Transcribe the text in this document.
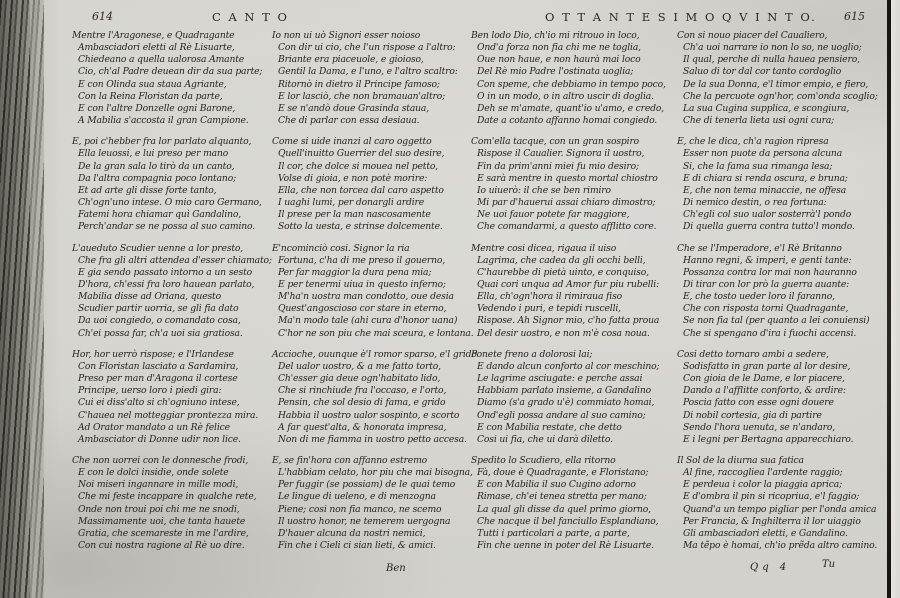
614	C A N T O
Mentre l'Aragonese, e Quadragante
Ambasciadori eletti al Rè Lisuarte,
Chiedeano a quella ualorosa Amante
Cio, ch'al Padre deuean dir da sua parte;
E con Olinda sua staua Agriante,
Con la Reina Floristan da parte,
E con l'altre Donzelle ogni Barone,
A Mabilia s'accosta il gran Campione.
E, poi c'hebber fra lor parlato alquanto,
Ella leuossi, e lui preso per mano
De la gran sala lo tirò da un canto,
Da l'altra compagnia poco lontano;
Et ad arte gli disse forte tanto,
Ch'ogn'uno intese. O mio caro Germano,
Fatemi hora chiamar quì Gandalino,
Perch'andar se ne possa al suo camino.
L'aueduto Scudier uenne a lor presto,
Che fra gli altri attendea d'esser chiamato;
E gia sendo passato intorno a un sesto
D'hora, ch'essi fra loro hauean parlato,
Mabilia disse ad Oriana, questo
Scudier partir uorria, se gli fia dato
Da uoi congiedo, o comandato cosa,
Ch'ei possa far, ch'a uoi sia gratiosa.
Hor, hor uerrò rispose; e l'Irlandese
Con Floristan lasciato a Sardamira,
Preso per man d'Aragona il cortese
Principe, uerso loro i piedi gira:
Cui ei diss'alto si ch'ogniuno intese,
C'hauea nel motteggiar prontezza mira.
Ad Orator mandato a un Rè felice
Ambasciator di Donne udir non lice.
Che non uorrei con le donnesche frodi,
E con le dolci insidie, onde solete
Noi miseri ingannare in mille modi,
Che mi feste incappare in qualche rete,
Onde non troui poi chi me ne snodi,
Massimamente uoi, che tanta hauete
Gratia, che scemareste in me l'ardire,
Con cui nostra ragione al Rè uo dire.
Io non ui uò Signori esser noioso
Con dir ui cio, che l'un rispose a l'altro:
Briante era piaceuole, e gioioso,
Gentil la Dama, e l'uno, e l'altro scaltro:
Ritornò in dietro il Principe famoso;
E lor lasciò, che non bramauan'altro;
E se n'andò doue Grasinda staua,
Che di parlar con essa desiaua.
Come si uide inanzi al caro oggetto
Quell'inuitto Guerrier del suo desire,
Il cor, che dolce si mouea nel petto,
Volse di gioia, e non potè morire:
Ella, che non torcea dal caro aspetto
I uaghi lumi, per donargli ardire
Il prese per la man nascosamente
Sotto la uesta, e strinse dolcemente.
E'ncominciò cosi. Signor la ria
Fortuna, c'ha di me preso il gouerno,
Per far maggior la dura pena mia;
E per tenermi uiua in questo inferno;
M'ha'n uostra man condotto, oue desia
Quest'angoscioso cor stare in eterno,
Ma'n modo tale (ahi cura d'honor uana)
C'hor ne son piu che mai sceura, e lontana.
Accioche, ouunque è'l romor sparso, e'l grido
Del ualor uostro, & a me fatto torto,
Ch'esser gia deue ogn'habitato lido,
Che si rinchiude fra l'occaso, e l'orto,
Pensin, che sol desio di fama, e grido
Habbia il uostro ualor sospinto, e scorto
A far quest'alta, & honorata impresa,
Non di me fiamma in uostro petto accesa.
E, se fin'hora con affanno estremo
L'habbiam celato, hor piu che mai bisogna,
Per fuggir (se possiam) de le quai temo
Le lingue di ueleno, e di menzogna
Piene; cosi non fia manco, ne scemo
Il uostro honor, ne temerem uergogna
D'hauer alcuna da nostri nemici,
Fin che i Cieli ci sian lieti, & amici.
O T T A N T E S I M O Q V I N T O. 615
Ben lodo Dio, ch'io mi ritrouo in loco,
Ond'a forza non fia chi me ne toglia,
Oue non haue, e non haurà mai loco
Del Rè mio Padre l'ostinata uoglia;
Con speme, che debbiamo in tempo poco,
O in un modo, o in altro uscir di doglia.
Deh se m'amate, quant'io u'amo, e credo,
Date a cotanto affanno homai congiedo.
Com'ella tacque, con un gran sospiro
Rispose il Caualier. Signora il uostro,
Fin da prim'anni miei fu mio desiro;
E sarà mentre in questo mortal chiostro
Io uiuerò: il che se ben rimiro
Mi par d'hauerui assai chiaro dimostro;
Ne uoi fauor potete far maggiore,
Che comandarmi, a questo afflitto core.
Mentre cosi dicea, rigaua il uiso
Lagrima, che cadea da gli occhi belli,
C'haurebbe di pietà uinto, e conquiso,
Quai cori unqua ad Amor fur piu rubelli:
Ella, ch'ogn'hora il rimiraua fiso
Vedendo i puri, e tepidi ruscelli,
Rispose. Ah Signor mio, c'ho fatta proua
Del desir uostro, e non m'è cosa noua.
Ponete freno a dolorosi lai;
E dando alcun conforto al cor meschino;
Le lagrime asciugate: e perche assai
Habbiam parlato insieme, a Gandalino
Diamo (s'a grado u'è) commiato homai,
Ond'egli possa andare al suo camino;
E con Mabilia restate, che detto
Cosi ui fia, che ui darà diletto.
Spedito lo Scudiero, ella ritorno
Fà, doue è Quadragante, e Floristano;
E con Mabilia il suo Cugino adorno
Rimase, ch'ei tenea stretta per mano;
La qual gli disse da quel primo giorno,
Che nacque il bel fanciullo Esplandiano,
Tutti i particolari a parte, a parte,
Fin che uenne in poter del Rè Lisuarte.
Con si nouo piacer del Caualiero,
Ch'a uoi narrare io non lo so, ne uoglio;
Il qual, perche di nulla hauea pensiero,
Saluo di tor dal cor tanto cordoglio
De la sua Donna, e'l timor empio, e fiero,
Che la percuote ogn'hor, com'onda scoglio;
La sua Cugina supplica, e scongiura,
Che di tenerla lieta usi ogni cura;
E, che le dica, ch'a ragion ripresa
Esser non puote da persona alcuna
Si, che la fama sua rimanga lesa;
E di chiara si renda oscura, e bruna;
E, che non tema minaccie, ne offesa
Di nemico destin, o rea fortuna:
Ch'egli col suo ualor sosterrà'l pondo
Di quella guerra contra tutto'l mondo.
Che se l'Imperadore, e'l Rè Britanno
Hanno regni, & imperi, e genti tante:
Possanza contra lor mai non hauranno
Di tirar con lor prò la guerra auante:
E, che tosto ueder loro il faranno,
Che con risposta torni Quadragante,
Se non fia tal (per quanto a lei conuiensi)
Che si spengano d'ira i fuochi accensi.
Cosi detto tornaro ambi a sedere,
Sodisfatto in gran parte al lor desire,
Con gioia de le Dame, e lor piacere,
Dando a l'afflitte conforto, & ardire:
Poscia fatto con esse ogni douere
Di nobil cortesia, gia di partire
Sendo l'hora uenuta, se n'andaro,
E i legni per Bertagna apparecchiaro.
Il Sol de la diurna sua fatica
Al fine, raccogliea l'ardente raggio;
E perdeua i color la piaggia aprica;
E d'ombra il pin si ricopriua, e'l faggio;
Quand'a un tempo pigliar per l'onda amica
Per Francia, & Inghilterra il lor uiaggio
Gli ambasciadori eletti, e Gandalino.
Ma tẽpo è homai, ch'io prẽda altro camino.
Ben	Qq 4	Tu
